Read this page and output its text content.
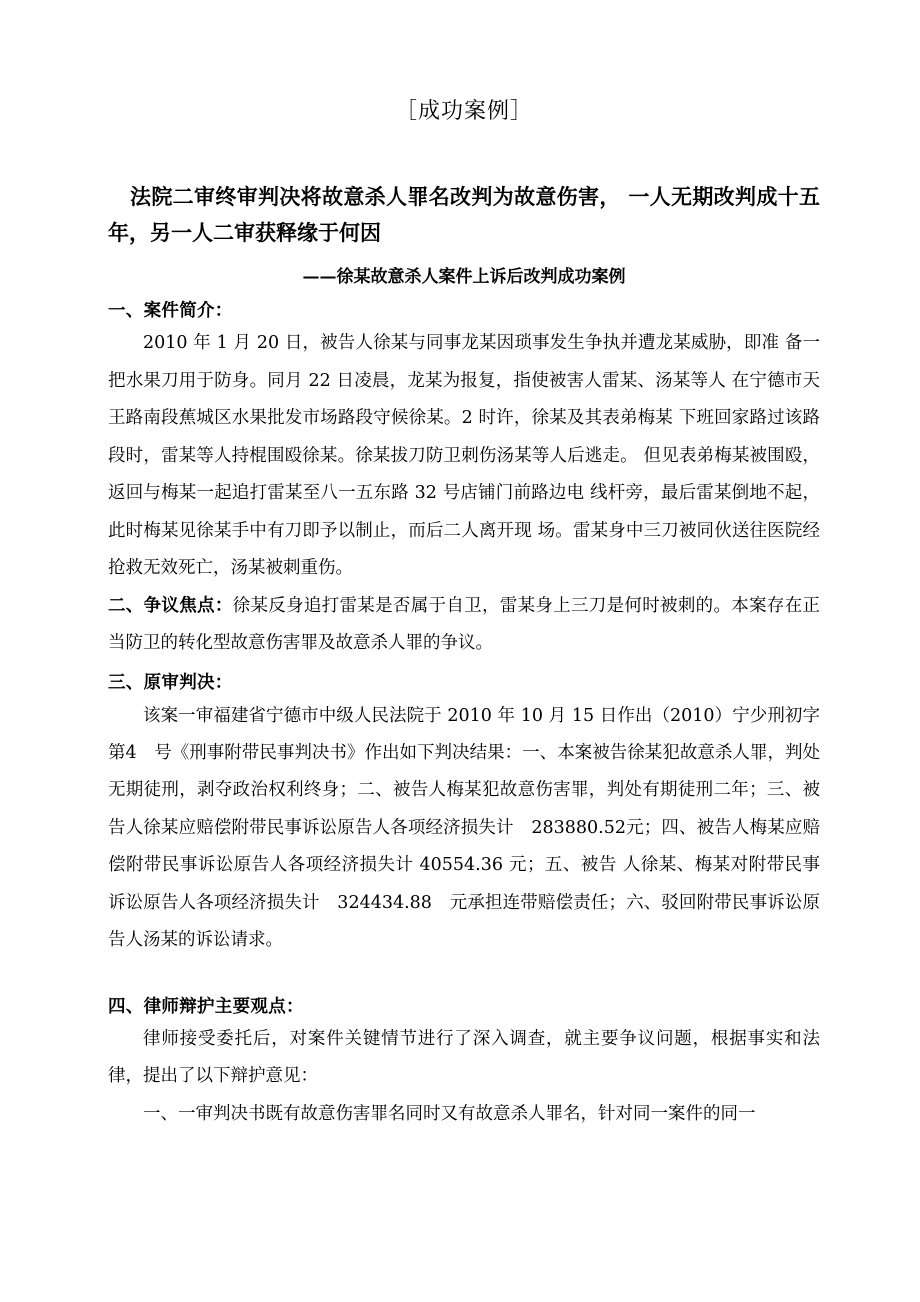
［成功案例］
法院二审终审判决将故意杀人罪名改判为故意伤害， 一人无期改判成十五年，另一人二审获释缘于何因
——徐某故意杀人案件上诉后改判成功案例
一、案件简介：

2010 年 1 月 20 日，被告人徐某与同事龙某因琐事发生争执并遭龙某威胁，即准 备一把水果刀用于防身。同月 22 日凌晨，龙某为报复，指使被害人雷某、汤某等人 在宁德市天王路南段蕉城区水果批发市场路段守候徐某。2 时许，徐某及其表弟梅某 下班回家路过该路段时，雷某等人持棍围殴徐某。徐某拔刀防卫刺伤汤某等人后逃走。 但见表弟梅某被围殴，返回与梅某一起追打雷某至八一五东路 32 号店铺门前路边电 线杆旁，最后雷某倒地不起，此时梅某见徐某手中有刀即予以制止，而后二人离开现 场。雷某身中三刀被同伙送往医院经抢救无效死亡，汤某被刺重伤。

二、争议焦点：徐某反身追打雷某是否属于自卫，雷某身上三刀是何时被刺的。本案存在正当防卫的转化型故意伤害罪及故意杀人罪的争议。

三、原审判决：

该案一审福建省宁德市中级人民法院于 2010 年 10 月 15 日作出（2010）宁少刑初字第4　号《刑事附带民事判决书》作出如下判决结果：一、本案被告徐某犯故意杀人罪，判处无期徒刑，剥夺政治权利终身；二、被告人梅某犯故意伤害罪，判处有期徒刑二年；三、被告人徐某应赔偿附带民事诉讼原告人各项经济损失计　283880.52元；四、被告人梅某应赔偿附带民事诉讼原告人各项经济损失计 40554.36 元；五、被告 人徐某、梅某对附带民事诉讼原告人各项经济损失计　324434.88　元承担连带赔偿责任；六、驳回附带民事诉讼原告人汤某的诉讼请求。

四、律师辩护主要观点：

律师接受委托后，对案件关键情节进行了深入调查，就主要争议问题，根据事实和法律，提出了以下辩护意见：

一、一审判决书既有故意伤害罪名同时又有故意杀人罪名，针对同一案件的同一
